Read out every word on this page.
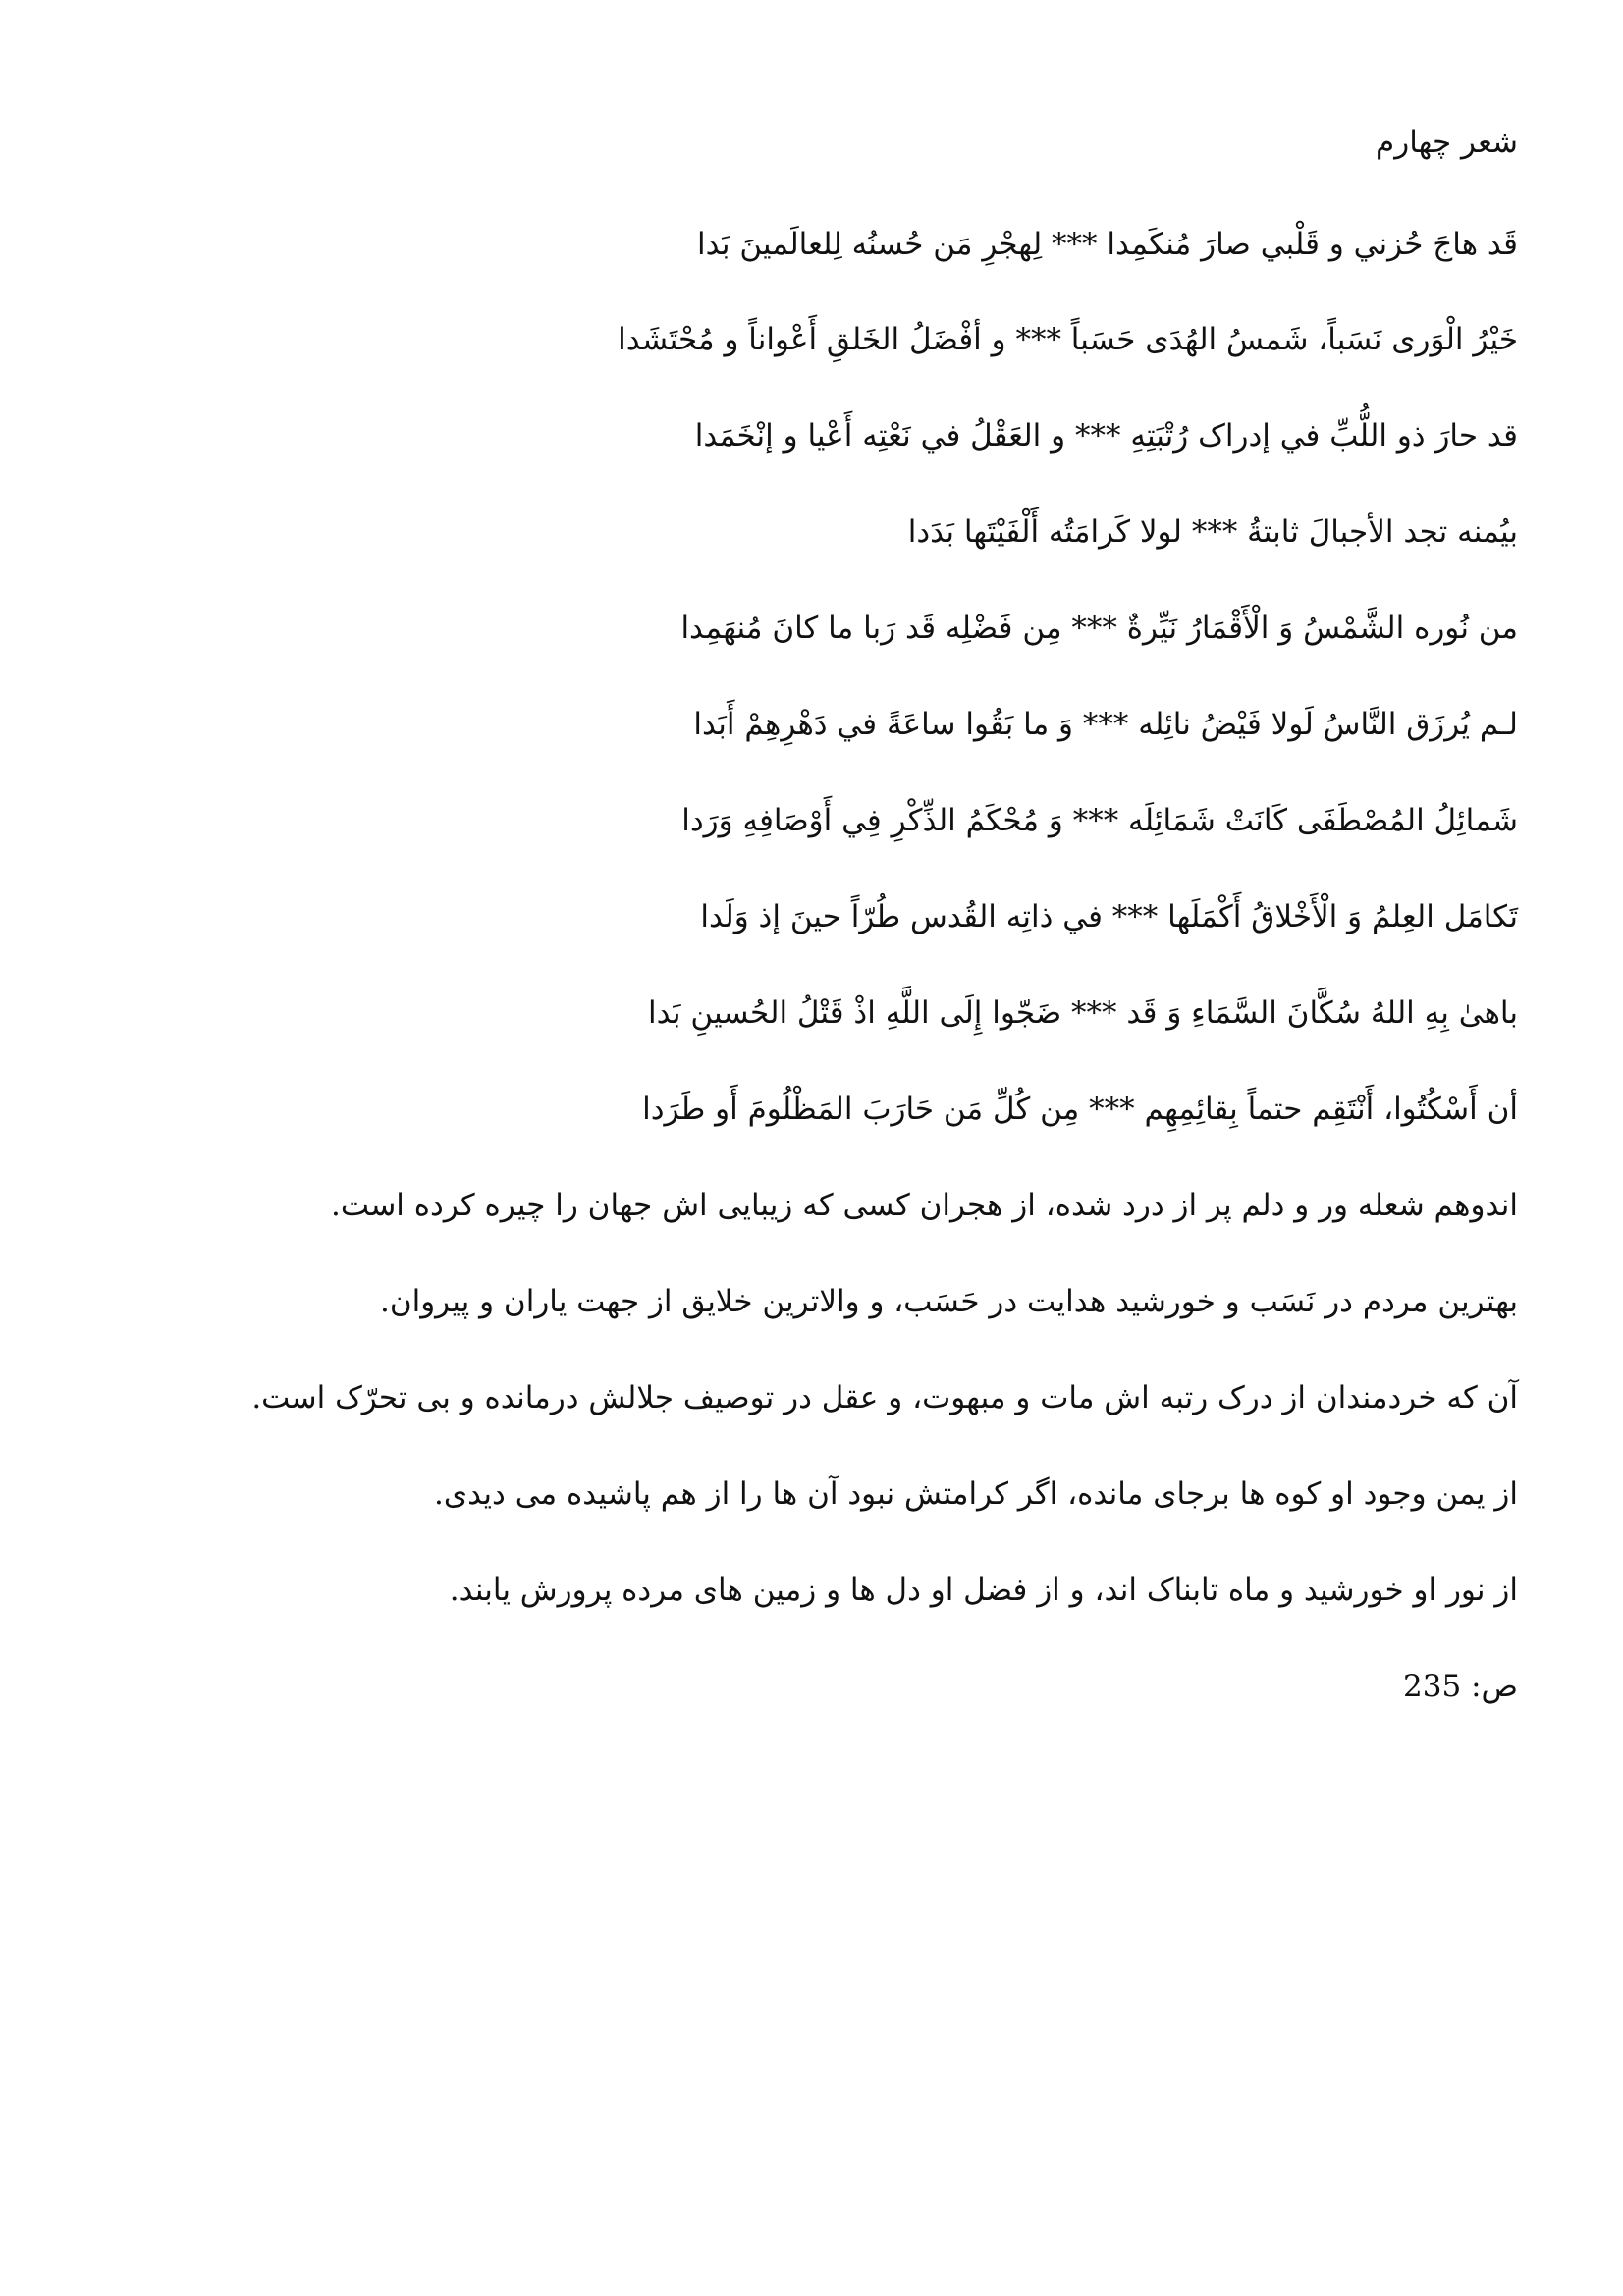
شعر چهارم
قَد هاجَ حُزني و قَلْبي صارَ مُنكَمِدا *** لِهجْرِ مَن حُسنُه لِلعالَمينَ بَدا
خَيْرُ الْوَرى نَسَباً، شَمسُ الهُدَى حَسَباً *** و أفْضَلُ الخَلقِ أَعْواناً و مُحْتَشَدا
قد حارَ ذو اللُّبِّ في إدراک رُتْبَتِهِ *** و العَقْلُ في نَعْتِه أَعْيا و إنْخَمَدا
بيُمنه تجد الأجبالَ ثابتةُ *** لولا كَرامَتُه أَلْفَيْتَها بَدَدا
من نُوره الشَّمْسُ وَ الْأَقْمَارُ نَيِّرةٌ *** مِن فَضْلِه قَد رَبا ما كانَ مُنهَمِدا
لـم يُرزَق النَّاسُ لَولا فَيْضُ نائِله *** وَ ما بَقُوا ساعَةً في دَهْرِهِمْ أَبَدا
شَمائِلُ المُصْطَفَى كَانَتْ شَمَائِلَه *** وَ مُحْكَمُ الذِّكْرِ فِي أَوْصَافِهِ وَرَدا
تَكامَل العِلمُ وَ الْأَخْلاقُ أَكْمَلَها *** في ذاتِه القُدس طُرّاً حينَ إذ وَلَدا
باهىٰ بِهِ اللهُ سُكَّانَ السَّمَاءِ وَ قَد *** ضَجّوا إِلَى اللَّهِ اذْ قَتْلُ الحُسينِ بَدا
أن أَسْكُتُوا، أَنْتَقِم حتماً بِقائِمِهِم *** مِن كُلِّ مَن حَارَبَ المَظْلُومَ أَو طَرَدا
اندوهم شعله ور و دلم پر از درد شده، از هجران کسی که زیبایی اش جهان را چیره کرده است.
بهترین مردم در نَسَب و خورشید هدایت در حَسَب، و والاترین خلایق از جهت یاران و پیروان.
آن که خردمندان از درک رتبه اش مات و مبهوت، و عقل در توصیف جلالش درمانده و بی تحرّک است.
از یمن وجود او کوه ها برجای مانده، اگر کرامتش نبود آن ها را از هم پاشیده می دیدی.
از نور او خورشید و ماه تابناک اند، و از فضل او دل ها و زمین های مرده پرورش یابند.
ص: 235
